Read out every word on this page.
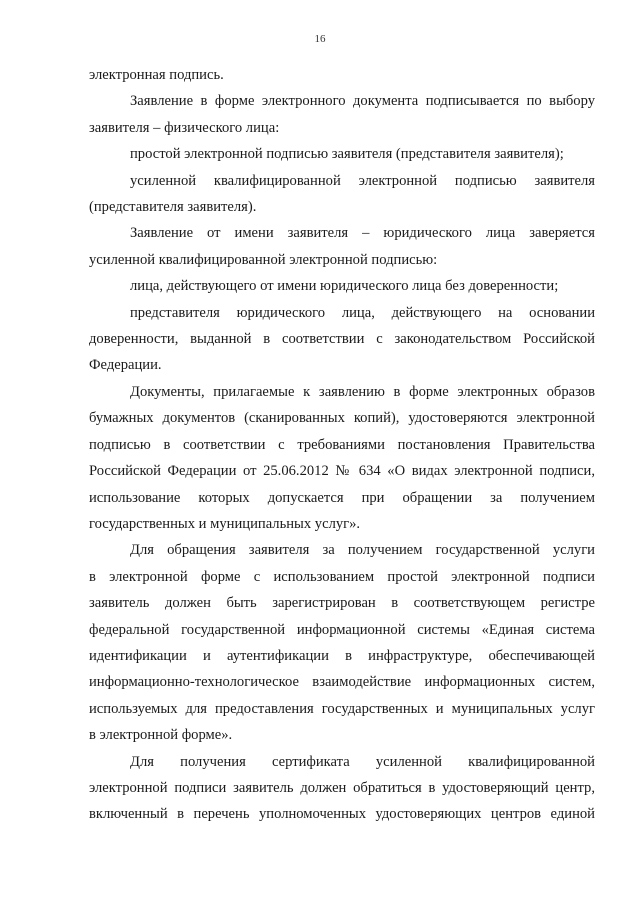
16
электронная подпись.
Заявление в форме электронного документа подписывается по выбору
заявителя – физического лица:
простой электронной подписью заявителя (представителя заявителя);
усиленной квалифицированной электронной подписью заявителя
(представителя заявителя).
Заявление от имени заявителя – юридического лица заверяется
усиленной квалифицированной электронной подписью:
лица, действующего от имени юридического лица без доверенности;
представителя юридического лица, действующего на основании
доверенности, выданной в соответствии с законодательством Российской
Федерации.
Документы, прилагаемые к заявлению в форме электронных образов
бумажных документов (сканированных копий), удостоверяются электронной
подписью в соответствии с требованиями постановления Правительства
Российской Федерации от 25.06.2012 № 634 «О видах электронной подписи,
использование которых допускается при обращении за получением
государственных и муниципальных услуг».
Для обращения заявителя за получением государственной услуги
в электронной форме с использованием простой электронной подписи
заявитель должен быть зарегистрирован в соответствующем регистре
федеральной государственной информационной системы «Единая система
идентификации и аутентификации в инфраструктуре, обеспечивающей
информационно-технологическое взаимодействие информационных систем,
используемых для предоставления государственных и муниципальных услуг
в электронной форме».
Для получения сертификата усиленной квалифицированной
электронной подписи заявитель должен обратиться в удостоверяющий центр,
включенный в перечень уполномоченных удостоверяющих центров единой
